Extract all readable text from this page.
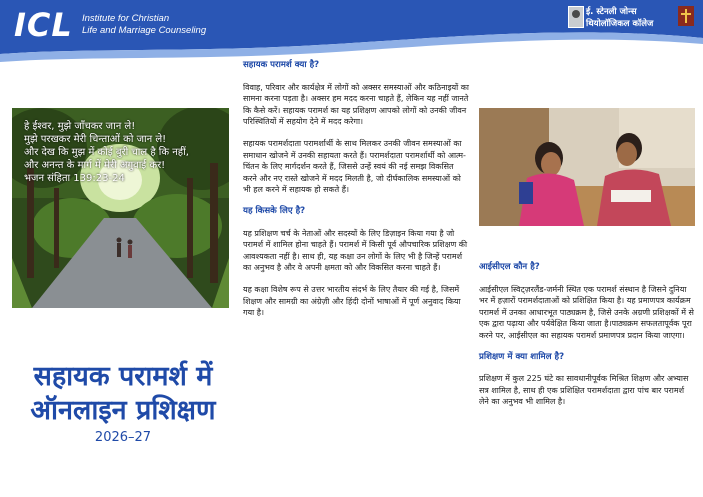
ICL Institute for Christian
Life and Marriage Counseling
ई. स्टेनली जोन्स
थियोलॉजिकल कॉलेज
हे ईश्वर, मुझे जाँचकर जान ले!
मुझे परखकर मेरी चिन्ताओं को जान ले!
और देख कि मुझ में कोई बुरी चाल है कि नहीं,
और अनन्त के मार्ग में मेरी अगुवाई कर!
भजन संहिता 139:23-24
सहायक परामर्श में
ऑनलाइन प्रशिक्षण
2026–27
सहायक परामर्श क्या है?

विवाह, परिवार और कार्यक्षेत्र में लोगों को अक्सर समस्याओं और कठिनाइयों का सामना करना पड़ता है। अक्सर हम मदद करना चाहते हैं, लेकिन यह नहीं जानते कि कैसे करें। सहायक परामर्श का यह प्रशिक्षण आपको लोगों को उनकी जीवन परिस्थितियों में सहयोग देने में मदद करेगा।

सहायक परामर्शदाता परामर्शार्थी के साथ मिलकर उनकी जीवन समस्याओं का समाधान खोजने में उनकी सहायता करते हैं। परामर्शदाता परामर्शार्थी को आत्म-चिंतन के लिए मार्गदर्शन करते हैं, जिससे उन्हें स्वयं की नई समझ विकसित करने और नए रास्ते खोजने में मदद मिलती है, जो दीर्घकालिक समस्याओं को भी हल करने में सहायक हो सकते हैं।

यह किसके लिए है?

यह प्रशिक्षण चर्च के नेताओं और सदस्यों के लिए डिज़ाइन किया गया है जो परामर्श में शामिल होना चाहते हैं। परामर्श में किसी पूर्व औपचारिक प्रशिक्षण की आवश्यकता नहीं है। साथ ही, यह कक्षा उन लोगों के लिए भी है जिन्हें परामर्श का अनुभव है और वे अपनी क्षमता को और विकसित करना चाहते हैं।

यह कक्षा विशेष रूप से उत्तर भारतीय संदर्भ के लिए तैयार की गई है, जिसमें शिक्षण और सामग्री का अंग्रेज़ी और हिंदी दोनों भाषाओं में पूर्ण अनुवाद किया गया है।

आईसीएल कौन है?

आईसीएल स्विट्ज़रलैंड-जर्मनी स्थित एक परामर्श संस्थान है जिसने दुनिया भर में हज़ारों परामर्शदाताओं को प्रशिक्षित किया है। यह प्रमाणपत्र कार्यक्रम परामर्श में उनका आधारभूत पाठ्यक्रम है, जिसे उनके अग्रणी प्रशिक्षकों में से एक द्वारा पढ़ाया और पर्यवेक्षित किया जाता है।पाठ्यक्रम सफलतापूर्वक पूरा करने पर, आईसीएल का सहायक परामर्श प्रमाणपत्र प्रदान किया जाएगा।

प्रशिक्षण में क्या शामिल है?

प्रशिक्षण में कुल 225 घंटे का सावधानीपूर्वक मिश्रित शिक्षण और अभ्यास सत्र शामिल है, साथ ही एक प्रशिक्षित परामर्शदाता द्वारा पांच बार परामर्श लेने का अनुभव भी शामिल है।
